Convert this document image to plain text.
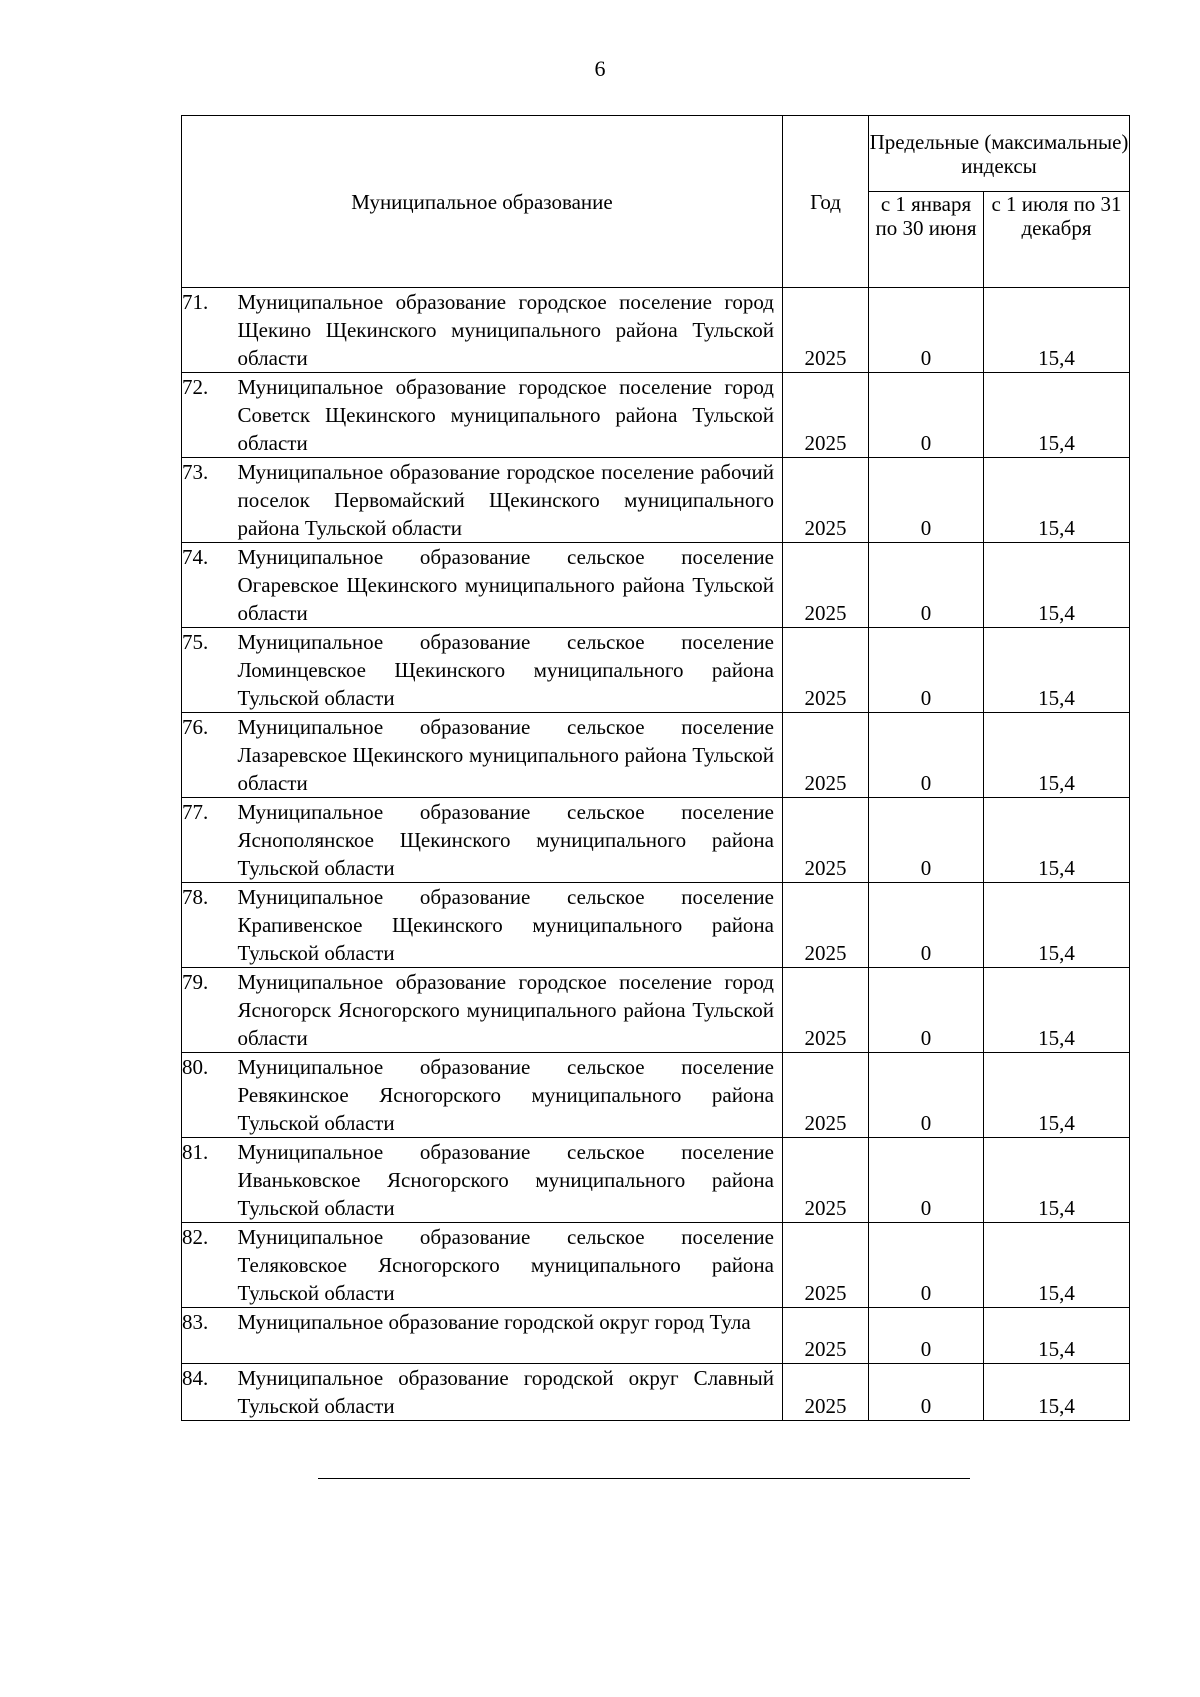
6
Муниципальное образование		Год	Предельные (максимальные) индексы	
			с 1 января по 30 июня	с 1 июля по 31 декабря
71.	Муниципальное образование городское поселение город Щекино Щекинского муниципального района Тульской области	2025	0	15,4
72.	Муниципальное образование городское поселение город Советск Щекинского муниципального района Тульской области	2025	0	15,4
73.	Муниципальное образование городское поселение рабочий поселок Первомайский Щекинского муниципального района Тульской области	2025	0	15,4
74.	Муниципальное образование сельское поселение Огаревское Щекинского муниципального района Тульской области	2025	0	15,4
75.	Муниципальное образование сельское поселение Ломинцевское Щекинского муниципального района Тульской области	2025	0	15,4
76.	Муниципальное образование сельское поселение Лазаревское Щекинского муниципального района Тульской области	2025	0	15,4
77.	Муниципальное образование сельское поселение Яснополянское Щекинского муниципального района Тульской области	2025	0	15,4
78.	Муниципальное образование сельское поселение Крапивенское Щекинского муниципального района Тульской области	2025	0	15,4
79.	Муниципальное образование городское поселение город Ясногорск Ясногорского муниципального района Тульской области	2025	0	15,4
80.	Муниципальное образование сельское поселение Ревякинское Ясногорского муниципального района Тульской области	2025	0	15,4
81.	Муниципальное образование сельское поселение Иваньковское Ясногорского муниципального района Тульской области	2025	0	15,4
82.	Муниципальное образование сельское поселение Теляковское Ясногорского муниципального района Тульской области	2025	0	15,4
83.	Муниципальное образование городской округ город Тула	2025	0	15,4
84.	Муниципальное образование городской округ Славный Тульской области	2025	0	15,4
